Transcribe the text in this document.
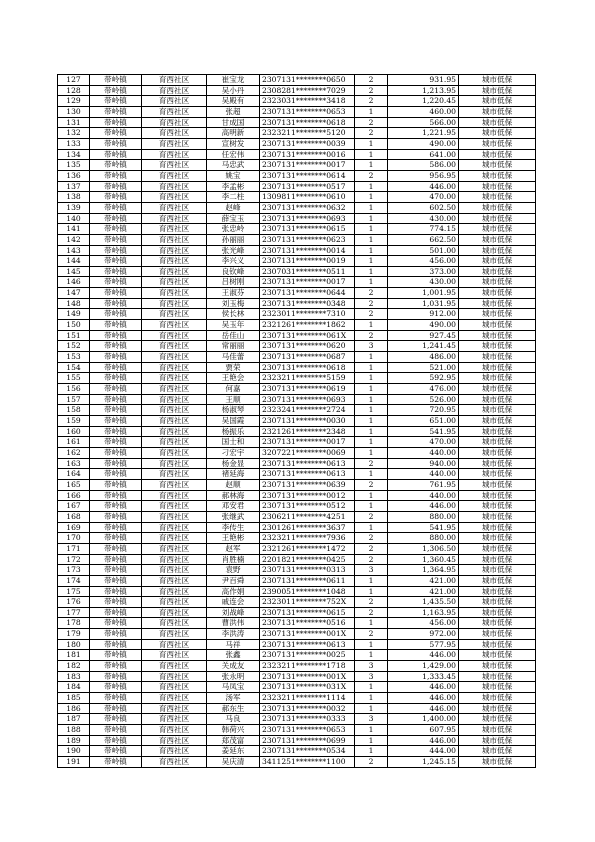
127	带岭镇	育西社区	崔宝龙	2307131********0650	2	931.95	城市低保
128	带岭镇	育西社区	吴小丹	2308281********7029	2	1,213.95	城市低保
129	带岭镇	育西社区	吴殿有	2323031********3418	2	1,220.45	城市低保
130	带岭镇	育西社区	张超	2307131********0653	1	460.00	城市低保
131	带岭镇	育西社区	甘成国	2307131********0618	2	566.00	城市低保
132	带岭镇	育西社区	高明新	2323211********5120	2	1,221.95	城市低保
133	带岭镇	育西社区	宣树发	2307131********0039	1	490.00	城市低保
134	带岭镇	育西社区	任宏伟	2307131********0016	1	641.00	城市低保
135	带岭镇	育西社区	马忠武	2307131********0017	1	586.00	城市低保
136	带岭镇	育西社区	姚宝	2307131********0614	2	956.95	城市低保
137	带岭镇	育西社区	李孟彬	2307131********0517	1	446.00	城市低保
138	带岭镇	育西社区	李二柱	1309811********0610	1	470.00	城市低保
139	带岭镇	育西社区	赵峰	2307131********0632	1	602.50	城市低保
140	带岭镇	育西社区	薛宝玉	2307131********0693	1	430.00	城市低保
141	带岭镇	育西社区	张忠岭	2307131********0615	1	774.15	城市低保
142	带岭镇	育西社区	孙丽丽	2307131********0623	1	662.50	城市低保
143	带岭镇	育西社区	张光峰	2307131********0014	1	501.00	城市低保
144	带岭镇	育西社区	李兴义	2307131********0019	1	456.00	城市低保
145	带岭镇	育西社区	良钦峰	2307031********0511	1	373.00	城市低保
146	带岭镇	育西社区	吕树刚	2307131********0017	1	430.00	城市低保
147	带岭镇	育西社区	王淑芬	2307131********0644	2	1,001.95	城市低保
148	带岭镇	育西社区	刘玉梅	2307131********0348	2	1,031.95	城市低保
149	带岭镇	育西社区	侯长林	2323011********7310	2	912.00	城市低保
150	带岭镇	育西社区	吴玉年	2321261********1862	1	490.00	城市低保
151	带岭镇	育西社区	岳佳山	2307131********061X	2	927.45	城市低保
152	带岭镇	育西社区	常丽丽	2307131********0620	3	1,241.45	城市低保
153	带岭镇	育西社区	马佳蕾	2307131********0687	1	486.00	城市低保
154	带岭镇	育西社区	贾荣	2307131********0618	1	521.00	城市低保
155	带岭镇	育西社区	王艳会	2323211********5159	1	592.95	城市低保
156	带岭镇	育西社区	何嘉	2307131********0619	1	476.00	城市低保
157	带岭镇	育西社区	王顺	2307131********0693	1	526.00	城市低保
158	带岭镇	育西社区	杨淑琴	2323241********2724	1	720.95	城市低保
159	带岭镇	育西社区	吴国霞	2307131********0030	1	651.00	城市低保
160	带岭镇	育西社区	杨振乐	2321261********2348	1	541.95	城市低保
161	带岭镇	育西社区	国士和	2307131********0017	1	470.00	城市低保
162	带岭镇	育西社区	刁宏宇	3207221********0069	1	440.00	城市低保
163	带岭镇	育西社区	杨金显	2307131********0613	2	940.00	城市低保
164	带岭镇	育西社区	褚延海	2307131********0613	1	440.00	城市低保
165	带岭镇	育西社区	赵顺	2307131********0639	2	761.95	城市低保
166	带岭镇	育西社区	郝林海	2307131********0012	1	440.00	城市低保
167	带岭镇	育西社区	邓安君	2307131********0512	1	446.00	城市低保
168	带岭镇	育西社区	张继武	2306211********4251	2	880.00	城市低保
169	带岭镇	育西社区	李传生	2301261********3637	1	541.95	城市低保
170	带岭镇	育西社区	王艳彬	2323211********7936	2	880.00	城市低保
171	带岭镇	育西社区	赵军	2321261********1472	2	1,306.50	城市低保
172	带岭镇	育西社区	肖胜楠	2201821********0425	2	1,360.45	城市低保
173	带岭镇	育西社区	袁野	2307131********0313	3	1,364.95	城市低保
174	带岭镇	育西社区	尹百舜	2307131********0611	1	421.00	城市低保
175	带岭镇	育西社区	高作娟	2390051********1048	1	421.00	城市低保
176	带岭镇	育西社区	戚连会	2323011********752X	2	1,435.50	城市低保
177	带岭镇	育西社区	刘战峰	2307131********0615	2	1,163.95	城市低保
178	带岭镇	育西社区	曹洪伟	2307131********0516	1	456.00	城市低保
179	带岭镇	育西社区	李洪涛	2307131********001X	2	972.00	城市低保
180	带岭镇	育西社区	马祥	2307131********0613	1	577.95	城市低保
181	带岭镇	育西社区	张鑫	2307131********0025	1	446.00	城市低保
182	带岭镇	育西社区	关成友	2323211********1718	3	1,429.00	城市低保
183	带岭镇	育西社区	张永明	2307131********001X	3	1,333.45	城市低保
184	带岭镇	育西社区	马凤宝	2307131********031X	1	446.00	城市低保
185	带岭镇	育西社区	汤军	2323211********1114	1	446.00	城市低保
186	带岭镇	育西社区	郝东生	2307131********0032	1	446.00	城市低保
187	带岭镇	育西社区	马良	2307131********0333	3	1,400.00	城市低保
188	带岭镇	育西社区	韩荷兴	2307131********0653	1	607.95	城市低保
189	带岭镇	育西社区	郑茂富	2307131********0699	1	446.00	城市低保
190	带岭镇	育西社区	姜延东	2307131********0534	1	444.00	城市低保
191	带岭镇	育西社区	吴庆清	3411251********1100	2	1,245.15	城市低保
